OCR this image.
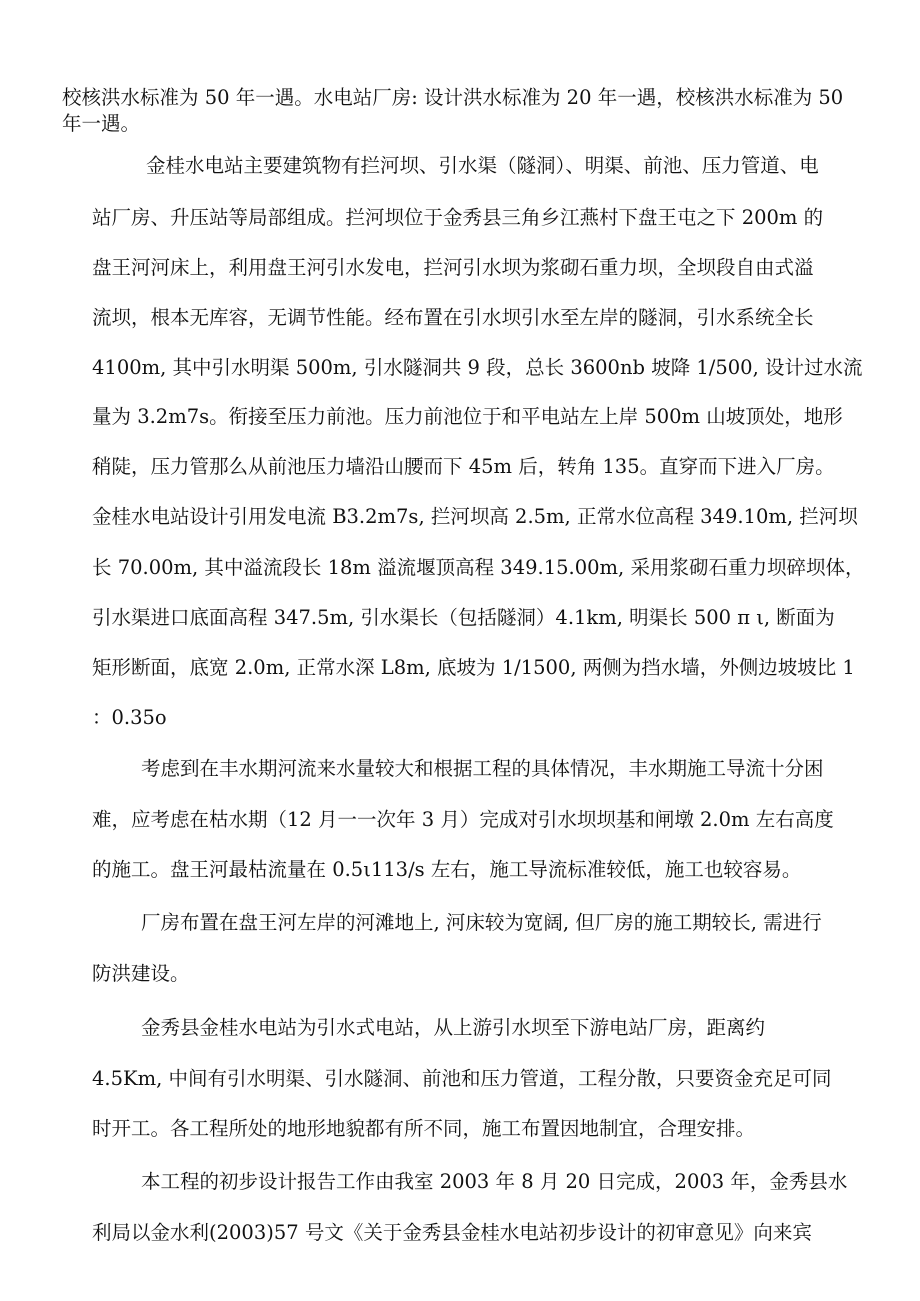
校核洪水标准为 50 年一遇。水电站厂房: 设计洪水标准为 20 年一遇，校核洪水标准为 50
年一遇。
金桂水电站主要建筑物有拦河坝、引水渠（隧洞）、明渠、前池、压力管道、电
站厂房、升压站等局部组成。拦河坝位于金秀县三角乡江燕村下盘王屯之下 200m 的
盘王河河床上，利用盘王河引水发电，拦河引水坝为浆砌石重力坝，全坝段自由式溢
流坝，根本无库容，无调节性能。经布置在引水坝引水至左岸的隧洞，引水系统全长
4100m, 其中引水明渠 500m, 引水隧洞共 9 段，总长 3600nb 坡降 1/500, 设计过水流
量为 3.2m7s。衔接至压力前池。压力前池位于和平电站左上岸 500m 山坡顶处，地形
稍陡，压力管那么从前池压力墙沿山腰而下 45m 后，转角 135。直穿而下进入厂房。
金桂水电站设计引用发电流 B3.2m7s, 拦河坝高 2.5m, 正常水位高程 349.10m, 拦河坝
长 70.00m, 其中溢流段长 18m 溢流堰顶高程 349.15.00m, 采用浆砌石重力坝碎坝体，
引水渠进口底面高程 347.5m, 引水渠长（包括隧洞）4.1km, 明渠长 500 π ι, 断面为
矩形断面，底宽 2.0m, 正常水深 L8m, 底坡为 1/1500, 两侧为挡水墙，外侧边坡坡比 1
：0.35o
考虑到在丰水期河流来水量较大和根据工程的具体情况，丰水期施工导流十分困
难，应考虑在枯水期（12 月一一次年 3 月）完成对引水坝坝基和闸墩 2.0m 左右高度
的施工。盘王河最枯流量在 0.5ι113∕s 左右，施工导流标准较低，施工也较容易。
厂房布置在盘王河左岸的河滩地上, 河床较为宽阔, 但厂房的施工期较长, 需进行
防洪建设。
金秀县金桂水电站为引水式电站，从上游引水坝至下游电站厂房，距离约
4.5Km, 中间有引水明渠、引水隧洞、前池和压力管道，工程分散，只要资金充足可同
时开工。各工程所处的地形地貌都有所不同，施工布置因地制宜，合理安排。
本工程的初步设计报告工作由我室 2003 年 8 月 20 日完成，2003 年，金秀县水
利局以金水利(2003)57 号文《关于金秀县金桂水电站初步设计的初审意见》向来宾
